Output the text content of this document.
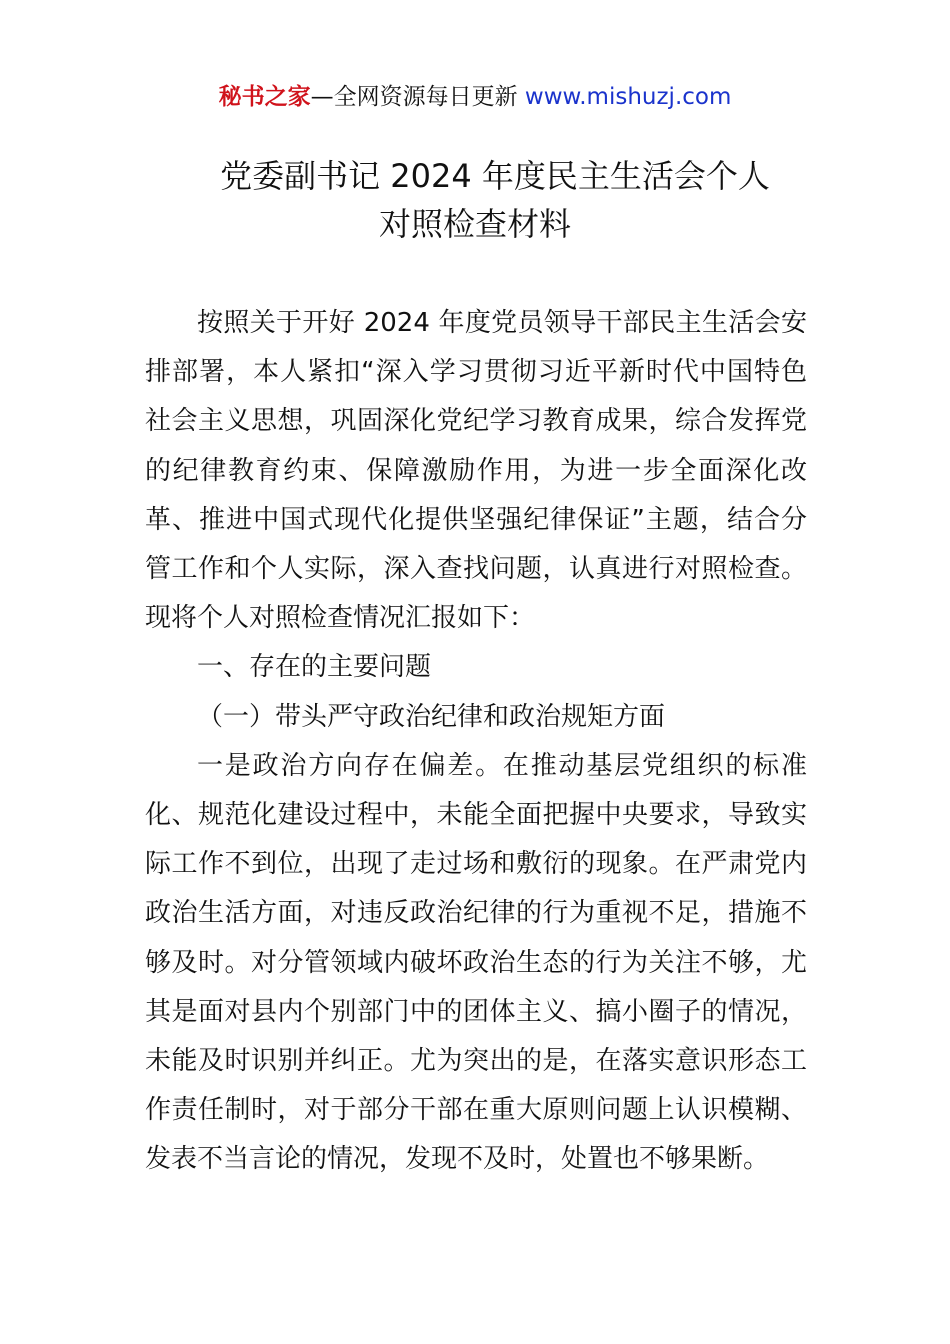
秘书之家—全网资源每日更新 www.mishuzj.com
党委副书记 2024 年度民主生活会个人
对照检查材料

按照关于开好 2024 年度党员领导干部民主生活会安排部署，本人紧扣“深入学习贯彻习近平新时代中国特色社会主义思想，巩固深化党纪学习教育成果，综合发挥党的纪律教育约束、保障激励作用，为进一步全面深化改革、推进中国式现代化提供坚强纪律保证”主题，结合分管工作和个人实际，深入查找问题，认真进行对照检查。现将个人对照检查情况汇报如下：

一、存在的主要问题

（一）带头严守政治纪律和政治规矩方面

一是政治方向存在偏差。在推动基层党组织的标准化、规范化建设过程中，未能全面把握中央要求，导致实际工作不到位，出现了走过场和敷衍的现象。在严肃党内政治生活方面，对违反政治纪律的行为重视不足，措施不够及时。对分管领域内破坏政治生态的行为关注不够，尤其是面对县内个别部门中的团体主义、搞小圈子的情况，未能及时识别并纠正。尤为突出的是，在落实意识形态工作责任制时，对于部分干部在重大原则问题上认识模糊、发表不当言论的情况，发现不及时，处置也不够果断。
